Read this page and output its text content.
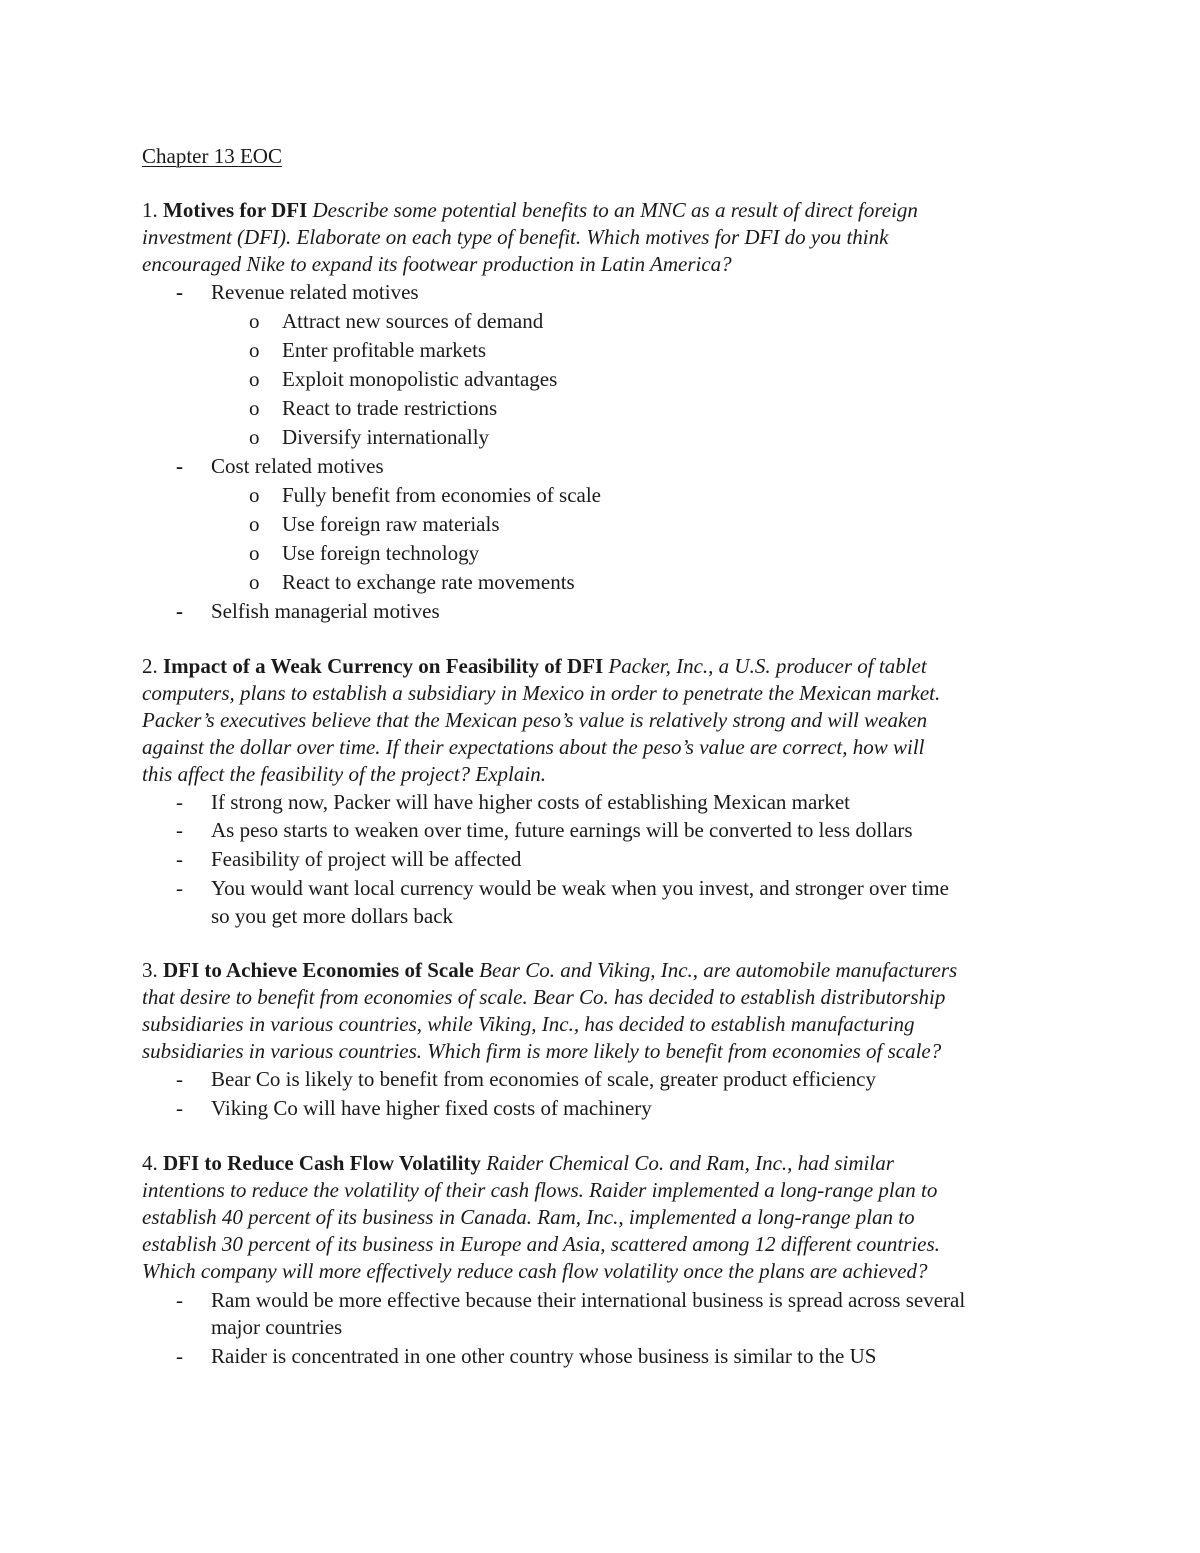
Chapter 13 EOC
1. Motives for DFI Describe some potential benefits to an MNC as a result of direct foreign
investment (DFI). Elaborate on each type of benefit. Which motives for DFI do you think
encouraged Nike to expand its footwear production in Latin America?
- Revenue related motives
o Attract new sources of demand
o Enter profitable markets
o Exploit monopolistic advantages
o React to trade restrictions
o Diversify internationally
- Cost related motives
o Fully benefit from economies of scale
o Use foreign raw materials
o Use foreign technology
o React to exchange rate movements
- Selfish managerial motives
2. Impact of a Weak Currency on Feasibility of DFI Packer, Inc., a U.S. producer of tablet
computers, plans to establish a subsidiary in Mexico in order to penetrate the Mexican market.
Packer’s executives believe that the Mexican peso’s value is relatively strong and will weaken
against the dollar over time. If their expectations about the peso’s value are correct, how will
this affect the feasibility of the project? Explain.
- If strong now, Packer will have higher costs of establishing Mexican market
- As peso starts to weaken over time, future earnings will be converted to less dollars
- Feasibility of project will be affected
- You would want local currency would be weak when you invest, and stronger over time
so you get more dollars back
3. DFI to Achieve Economies of Scale Bear Co. and Viking, Inc., are automobile manufacturers
that desire to benefit from economies of scale. Bear Co. has decided to establish distributorship
subsidiaries in various countries, while Viking, Inc., has decided to establish manufacturing
subsidiaries in various countries. Which firm is more likely to benefit from economies of scale?
- Bear Co is likely to benefit from economies of scale, greater product efficiency
- Viking Co will have higher fixed costs of machinery
4. DFI to Reduce Cash Flow Volatility Raider Chemical Co. and Ram, Inc., had similar
intentions to reduce the volatility of their cash flows. Raider implemented a long-range plan to
establish 40 percent of its business in Canada. Ram, Inc., implemented a long-range plan to
establish 30 percent of its business in Europe and Asia, scattered among 12 different countries.
Which company will more effectively reduce cash flow volatility once the plans are achieved?
- Ram would be more effective because their international business is spread across several
major countries
- Raider is concentrated in one other country whose business is similar to the US
